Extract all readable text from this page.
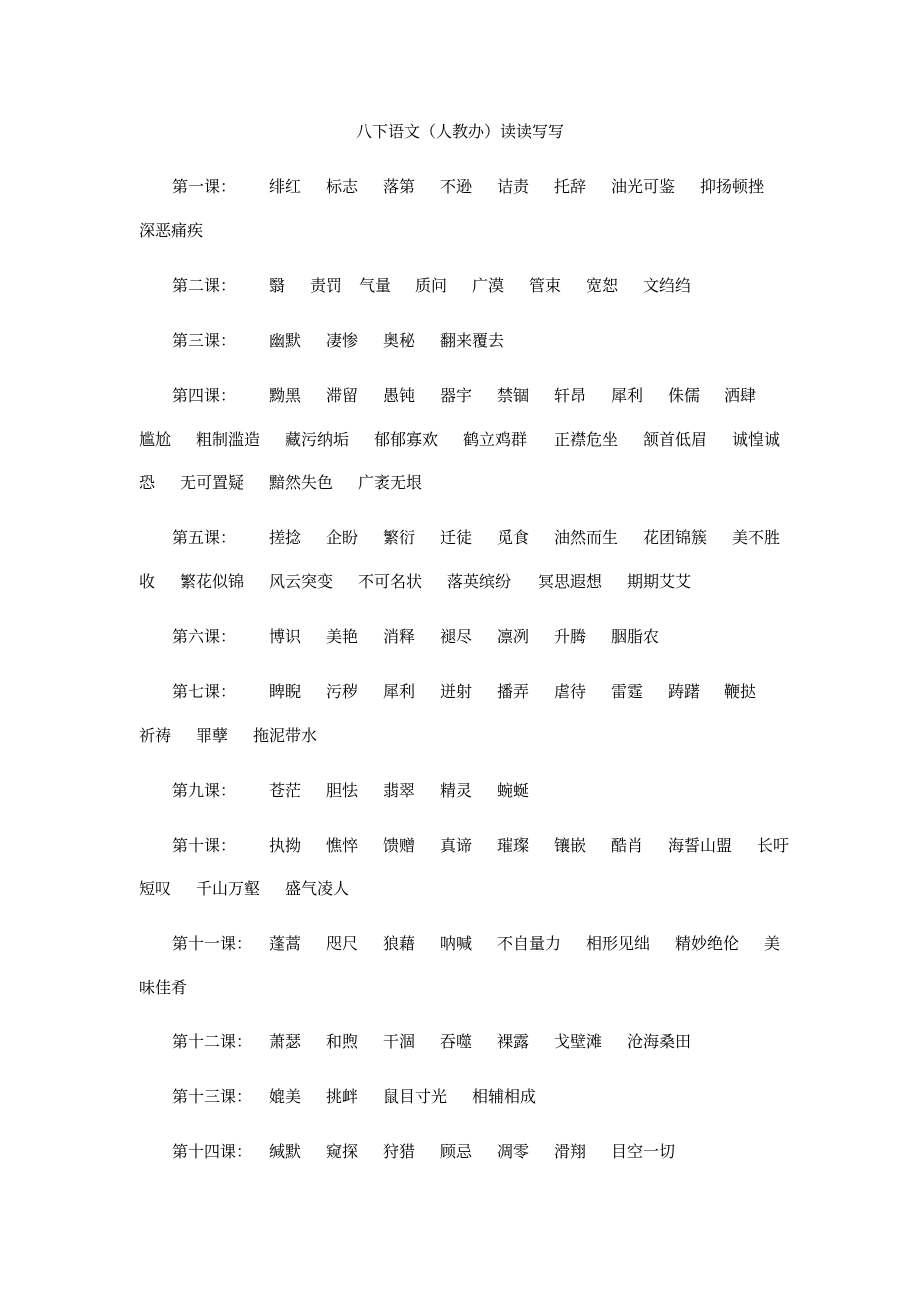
八下语文（人教办）读读写写
第一课： 绯红 标志 落第 不逊 诘责 托辞 油光可鉴 抑扬顿挫
深恶痛疾
第二课： 翳 责罚 气量 质问 广漠 管束 宽恕 文绉绉
第三课： 幽默 凄惨 奥秘 翻来覆去
第四课： 黝黑 滞留 愚钝 器宇 禁锢 轩昂 犀利 侏儒 洒肆
尴尬 粗制滥造 藏污纳垢 郁郁寡欢 鹤立鸡群 正襟危坐 颔首低眉 诚惶诚
恐 无可置疑 黯然失色 广袤无垠
第五课： 搓捻 企盼 繁衍 迁徒 觅食 油然而生 花团锦簇 美不胜
收 繁花似锦 风云突变 不可名状 落英缤纷 冥思遐想 期期艾艾
第六课： 博识 美艳 消释 褪尽 凛冽 升腾 胭脂农
第七课： 睥睨 污秽 犀利 迸射 播弄 虐待 雷霆 踌躇 鞭挞
祈祷 罪孽 拖泥带水
第九课： 苍茫 胆怯 翡翠 精灵 蜿蜒
第十课： 执拗 憔悴 馈赠 真谛 璀璨 镶嵌 酷肖 海誓山盟 长吁
短叹 千山万壑 盛气凌人
第十一课： 蓬蒿 咫尺 狼藉 呐喊 不自量力 相形见绌 精妙绝伦 美
味佳肴
第十二课： 萧瑟 和煦 干涸 吞噬 裸露 戈壁滩 沧海桑田
第十三课： 媲美 挑衅 鼠目寸光 相辅相成
第十四课： 缄默 窥探 狩猎 顾忌 凋零 滑翔 目空一切
